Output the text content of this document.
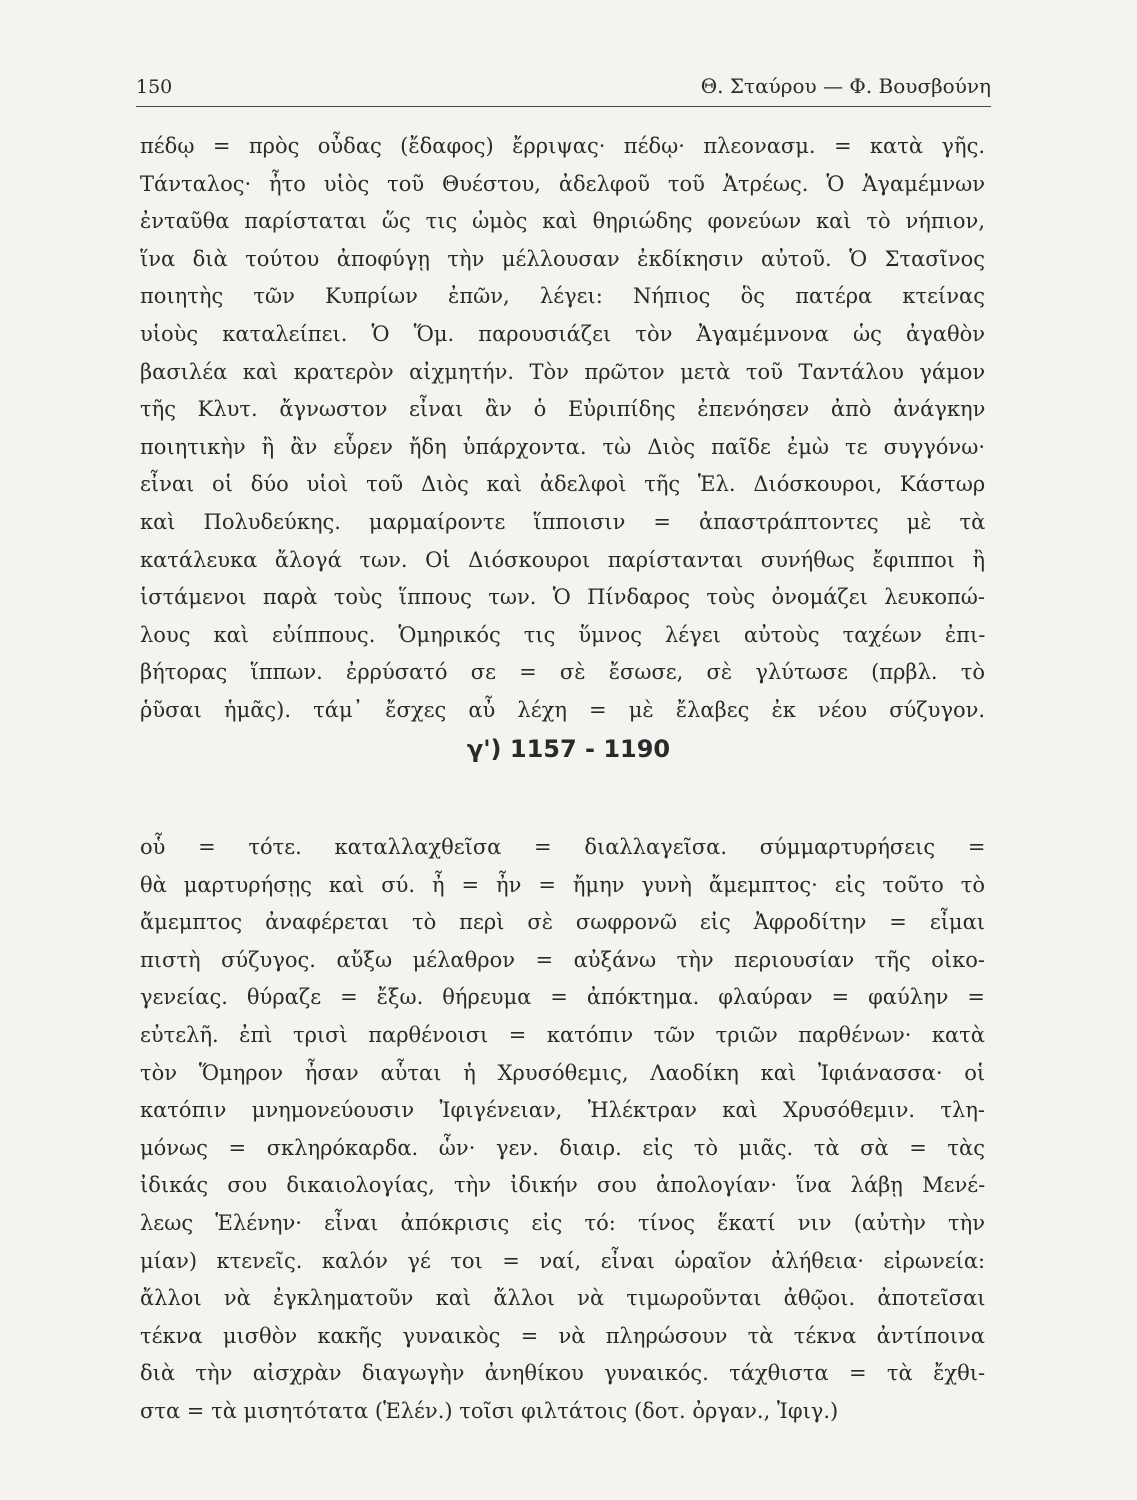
150	Θ. Σταύρου — Φ. Βουσβούνη
πέδῳ = πρὸς οὖδας (ἔδαφος) ἔρριψας· πέδῳ· πλεονασμ. = κατὰ γῆς.
Τάνταλος· ἦτο υἱὸς τοῦ Θυέστου, ἀδελφοῦ τοῦ Ἀτρέως. Ὁ Ἀγαμέμνων
ἐνταῦθα παρίσταται ὥς τις ὠμὸς καὶ θηριώδης φονεύων καὶ τὸ νήπιον,
ἵνα διὰ τούτου ἀποφύγῃ τὴν μέλλουσαν ἐκδίκησιν αὐτοῦ. Ὁ Στασῖνος
ποιητὴς τῶν Κυπρίων ἐπῶν, λέγει: Νήπιος ὃς πατέρα κτείνας
υἱοὺς καταλείπει. Ὁ Ὅμ. παρουσιάζει τὸν Ἀγαμέμνονα ὡς ἀγαθὸν
βασιλέα καὶ κρατερὸν αἰχμητήν. Τὸν πρῶτον μετὰ τοῦ Ταντάλου γάμον
τῆς Κλυτ. ἄγνωστον εἶναι ἂν ὁ Εὐριπίδης ἐπενόησεν ἀπὸ ἀνάγκην
ποιητικὴν ἢ ἂν εὗρεν ἤδη ὑπάρχοντα. τὼ Διὸς παῖδε ἐμὼ τε συγγόνω·
εἶναι οἱ δύο υἱοὶ τοῦ Διὸς καὶ ἀδελφοὶ τῆς Ἑλ. Διόσκουροι, Κάστωρ
καὶ Πολυδεύκης. μαρμαίροντε ἵπποισιν = ἀπαστράπτοντες μὲ τὰ
κατάλευκα ἄλογά των. Οἱ Διόσκουροι παρίστανται συνήθως ἔφιπποι ἢ
ἱστάμενοι παρὰ τοὺς ἵππους των. Ὁ Πίνδαρος τοὺς ὀνομάζει λευκοπώ-
λους καὶ εὐίππους. Ὁμηρικός τις ὕμνος λέγει αὐτοὺς ταχέων ἐπι-
βήτορας ἵππων. ἐρρύσατό σε = σὲ ἔσωσε, σὲ γλύτωσε (πρβλ. τὸ
ῥῦσαι ἡμᾶς). τάμ᾽ ἔσχες αὖ λέχη = μὲ ἔλαβες ἐκ νέου σύζυγον.
γ') 1157 - 1190
οὗ = τότε. καταλλαχθεῖσα = διαλλαγεῖσα. σύμμαρτυρήσεις =
θὰ μαρτυρήσῃς καὶ σύ. ἦ = ἦν = ἤμην γυνὴ ἄμεμπτος· εἰς τοῦτο τὸ
ἄμεμπτος ἀναφέρεται τὸ περὶ σὲ σωφρονῶ εἰς Ἀφροδίτην = εἶμαι
πιστὴ σύζυγος. αὔξω μέλαθρον = αὐξάνω τὴν περιουσίαν τῆς οἰκο-
γενείας. θύραζε = ἔξω. θήρευμα = ἀπόκτημα. φλαύραν = φαύλην =
εὐτελῆ. ἐπὶ τρισὶ παρθένοισι = κατόπιν τῶν τριῶν παρθένων· κατὰ
τὸν Ὅμηρον ἦσαν αὗται ἡ Χρυσόθεμις, Λαοδίκη καὶ Ἰφιάνασσα· οἱ
κατόπιν μνημονεύουσιν Ἰφιγένειαν, Ἠλέκτραν καὶ Χρυσόθεμιν. τλη-
μόνως = σκληρόκαρδα. ὧν· γεν. διαιρ. εἰς τὸ μιᾶς. τὰ σὰ = τὰς
ἰδικάς σου δικαιολογίας, τὴν ἰδικήν σου ἀπολογίαν· ἵνα λάβῃ Μενέ-
λεως Ἑλένην· εἶναι ἀπόκρισις εἰς τό: τίνος ἕκατί νιν (αὐτὴν τὴν
μίαν) κτενεῖς. καλόν γέ τοι = ναί, εἶναι ὡραῖον ἀλήθεια· εἰρωνεία:
ἄλλοι νὰ ἐγκληματοῦν καὶ ἄλλοι νὰ τιμωροῦνται ἀθῷοι. ἀποτεῖσαι
τέκνα μισθὸν κακῆς γυναικὸς = νὰ πληρώσουν τὰ τέκνα ἀντίποινα
διὰ τὴν αἰσχρὰν διαγωγὴν ἀνηθίκου γυναικός. τάχθιστα = τὰ ἔχθι-
στα = τὰ μισητότατα (Ἑλέν.) τοῖσι φιλτάτοις (δοτ. ὀργαν., Ἰφιγ.)
